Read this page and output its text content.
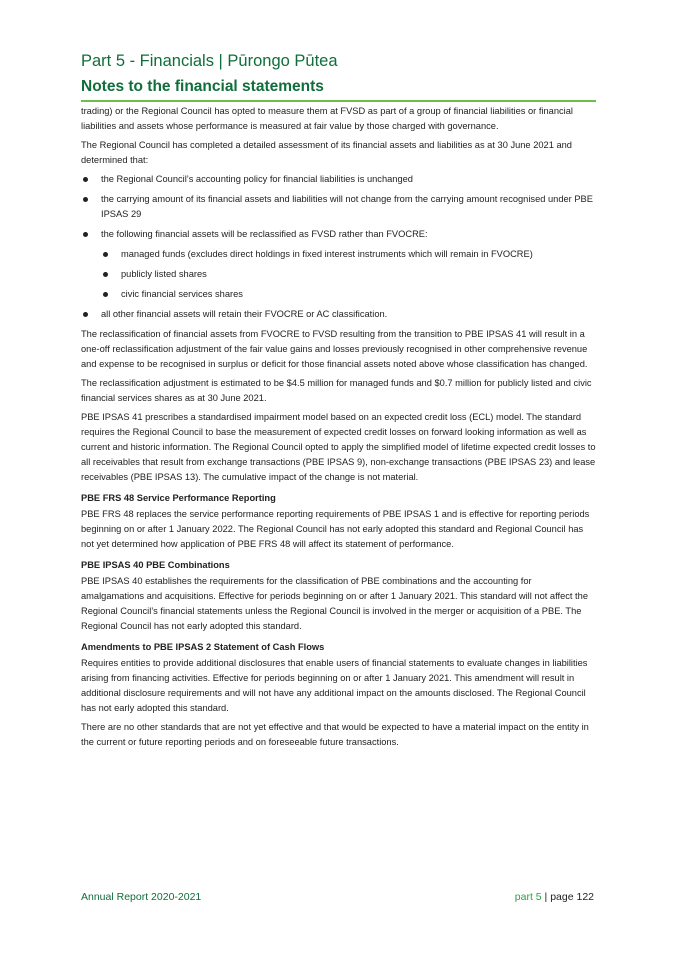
Part 5 - Financials | Pūrongo Pūtea
Notes to the financial statements

trading) or the Regional Council has opted to measure them at FVSD as part of a group of financial liabilities or financial liabilities and assets whose performance is measured at fair value by those charged with governance.

The Regional Council has completed a detailed assessment of its financial assets and liabilities as at 30 June 2021 and determined that:

the Regional Council’s accounting policy for financial liabilities is unchanged
the carrying amount of its financial assets and liabilities will not change from the carrying amount recognised under PBE IPSAS 29
the following financial assets will be reclassified as FVSD rather than FVOCRE:
managed funds (excludes direct holdings in fixed interest instruments which will remain in FVOCRE)
publicly listed shares
civic financial services shares
all other financial assets will retain their FVOCRE or AC classification.

The reclassification of financial assets from FVOCRE to FVSD resulting from the transition to PBE IPSAS 41 will result in a one-off reclassification adjustment of the fair value gains and losses previously recognised in other comprehensive revenue and expense to be recognised in surplus or deficit for those financial assets noted above whose classification has changed.

The reclassification adjustment is estimated to be $4.5 million for managed funds and $0.7 million for publicly listed and civic financial services shares as at 30 June 2021.

PBE IPSAS 41 prescribes a standardised impairment model based on an expected credit loss (ECL) model. The standard requires the Regional Council to base the measurement of expected credit losses on forward looking information as well as current and historic information. The Regional Council opted to apply the simplified model of lifetime expected credit losses to all receivables that result from exchange transactions (PBE IPSAS 9), non-exchange transactions (PBE IPSAS 23) and lease receivables (PBE IPSAS 13). The cumulative impact of the change is not material.

PBE FRS 48 Service Performance Reporting

PBE FRS 48 replaces the service performance reporting requirements of PBE IPSAS 1 and is effective for reporting periods beginning on or after 1 January 2022. The Regional Council has not early adopted this standard and Regional Council has not yet determined how application of PBE FRS 48 will affect its statement of performance.

PBE IPSAS 40 PBE Combinations

PBE IPSAS 40 establishes the requirements for the classification of PBE combinations and the accounting for amalgamations and acquisitions. Effective for periods beginning on or after 1 January 2021. This standard will not affect the Regional Council’s financial statements unless the Regional Council is involved in the merger or acquisition of a PBE. The Regional Council has not early adopted this standard.

Amendments to PBE IPSAS 2 Statement of Cash Flows

Requires entities to provide additional disclosures that enable users of financial statements to evaluate changes in liabilities arising from financing activities. Effective for periods beginning on or after 1 January 2021. This amendment will result in additional disclosure requirements and will not have any additional impact on the amounts disclosed. The Regional Council has not early adopted this standard.

There are no other standards that are not yet effective and that would be expected to have a material impact on the entity in the current or future reporting periods and on foreseeable future transactions.

Annual Report 2020-2021	part 5 | page 122
